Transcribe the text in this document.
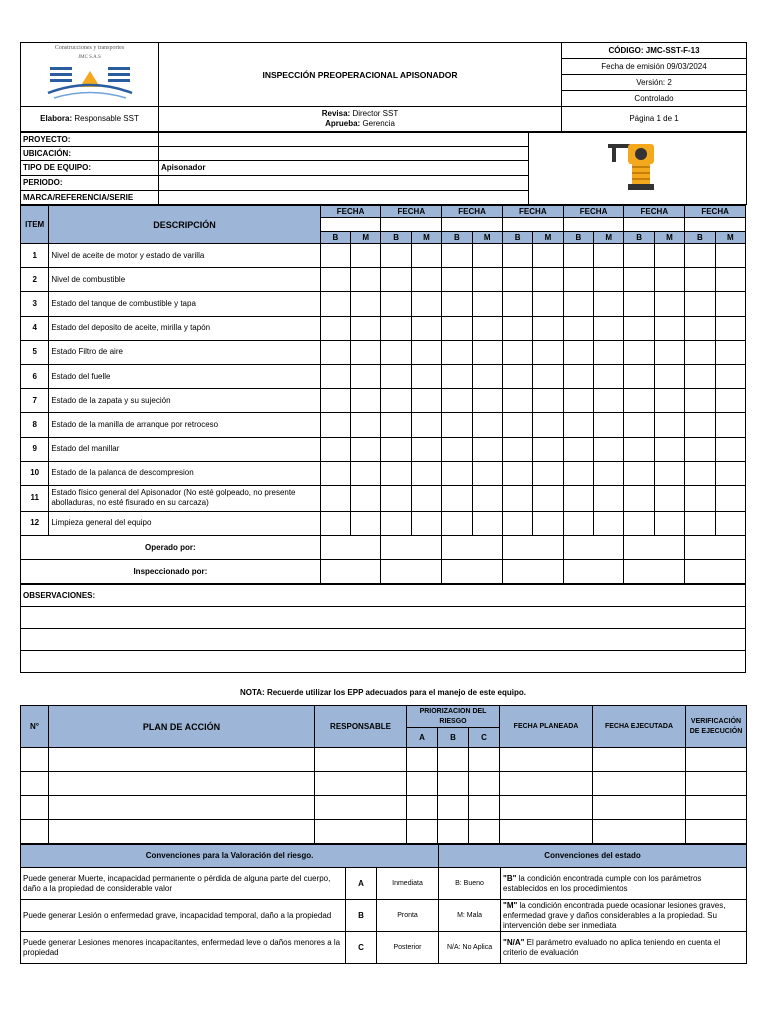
Construcciones y transportes
JMC S.A.S	INSPECCIÓN PREOPERACIONAL APISONADOR	CÓDIGO: JMC-SST-F-13
		Fecha de emisión 09/03/2024
		Versión: 2
		Controlado
Elabora: Responsable SST	Revisa: Director SST
Aprueba: Gerencia	Página 1 de 1
PROYECTO:		
UBICACIÓN:		
TIPO DE EQUIPO:	Apisonador	
PERIODO:		
MARCA/REFERENCIA/SERIE		
ITEM	DESCRIPCIÓN	FECHA		FECHA		FECHA		FECHA		FECHA		FECHA		FECHA	

		B	M	B	M	B	M	B	M	B	M	B	M	B	M
1	Nivel de aceite de motor y estado de varilla														
2	Nivel de combustible														
3	Estado del tanque de combustible y tapa														
4	Estado del deposito de aceite, mirilla y tapón														
5	Estado Filtro de aire														
6	Estado del fuelle														
7	Estado de la zapata y su sujeción														
8	Estado de la manilla de arranque por retroceso														
9	Estado del manillar														
10	Estado de la palanca de descompresion														
11	Estado físico general del Apisonador (No esté golpeado, no presente abolladuras, no esté fisurado en su carcaza)														
12	Limpieza general del equipo														
Operado por:															
Inspeccionado por:															
OBSERVACIONES:

NOTA: Recuerde utilizar los EPP adecuados para el manejo de este equipo.
N°	PLAN DE ACCIÓN	RESPONSABLE	PRIORIZACION DEL RIESGO			FECHA PLANEADA	FECHA EJECUTADA	VERIFICACIÓN DE EJECUCIÓN
			A	B	C			

Convenciones para la Valoración del riesgo.			Convenciones del estado	
Puede generar Muerte, incapacidad permanente o pérdida de alguna parte del cuerpo, daño a la propiedad de considerable valor	A	Inmediata	B: Bueno	"B" la condición encontrada cumple con los parámetros establecidos en los procedimientos
Puede generar Lesión o enfermedad grave, incapacidad temporal, daño a la propiedad	B	Pronta	M: Mala	"M" la condición encontrada puede ocasionar lesiones graves, enfermedad grave y daños considerables a la propiedad. Su intervención debe ser inmediata
Puede generar Lesiones menores incapacitantes, enfermedad leve o daños menores a la propiedad	C	Posterior	N/A: No Aplica	"N/A" El parámetro evaluado no aplica teniendo en cuenta el criterio de evaluación
